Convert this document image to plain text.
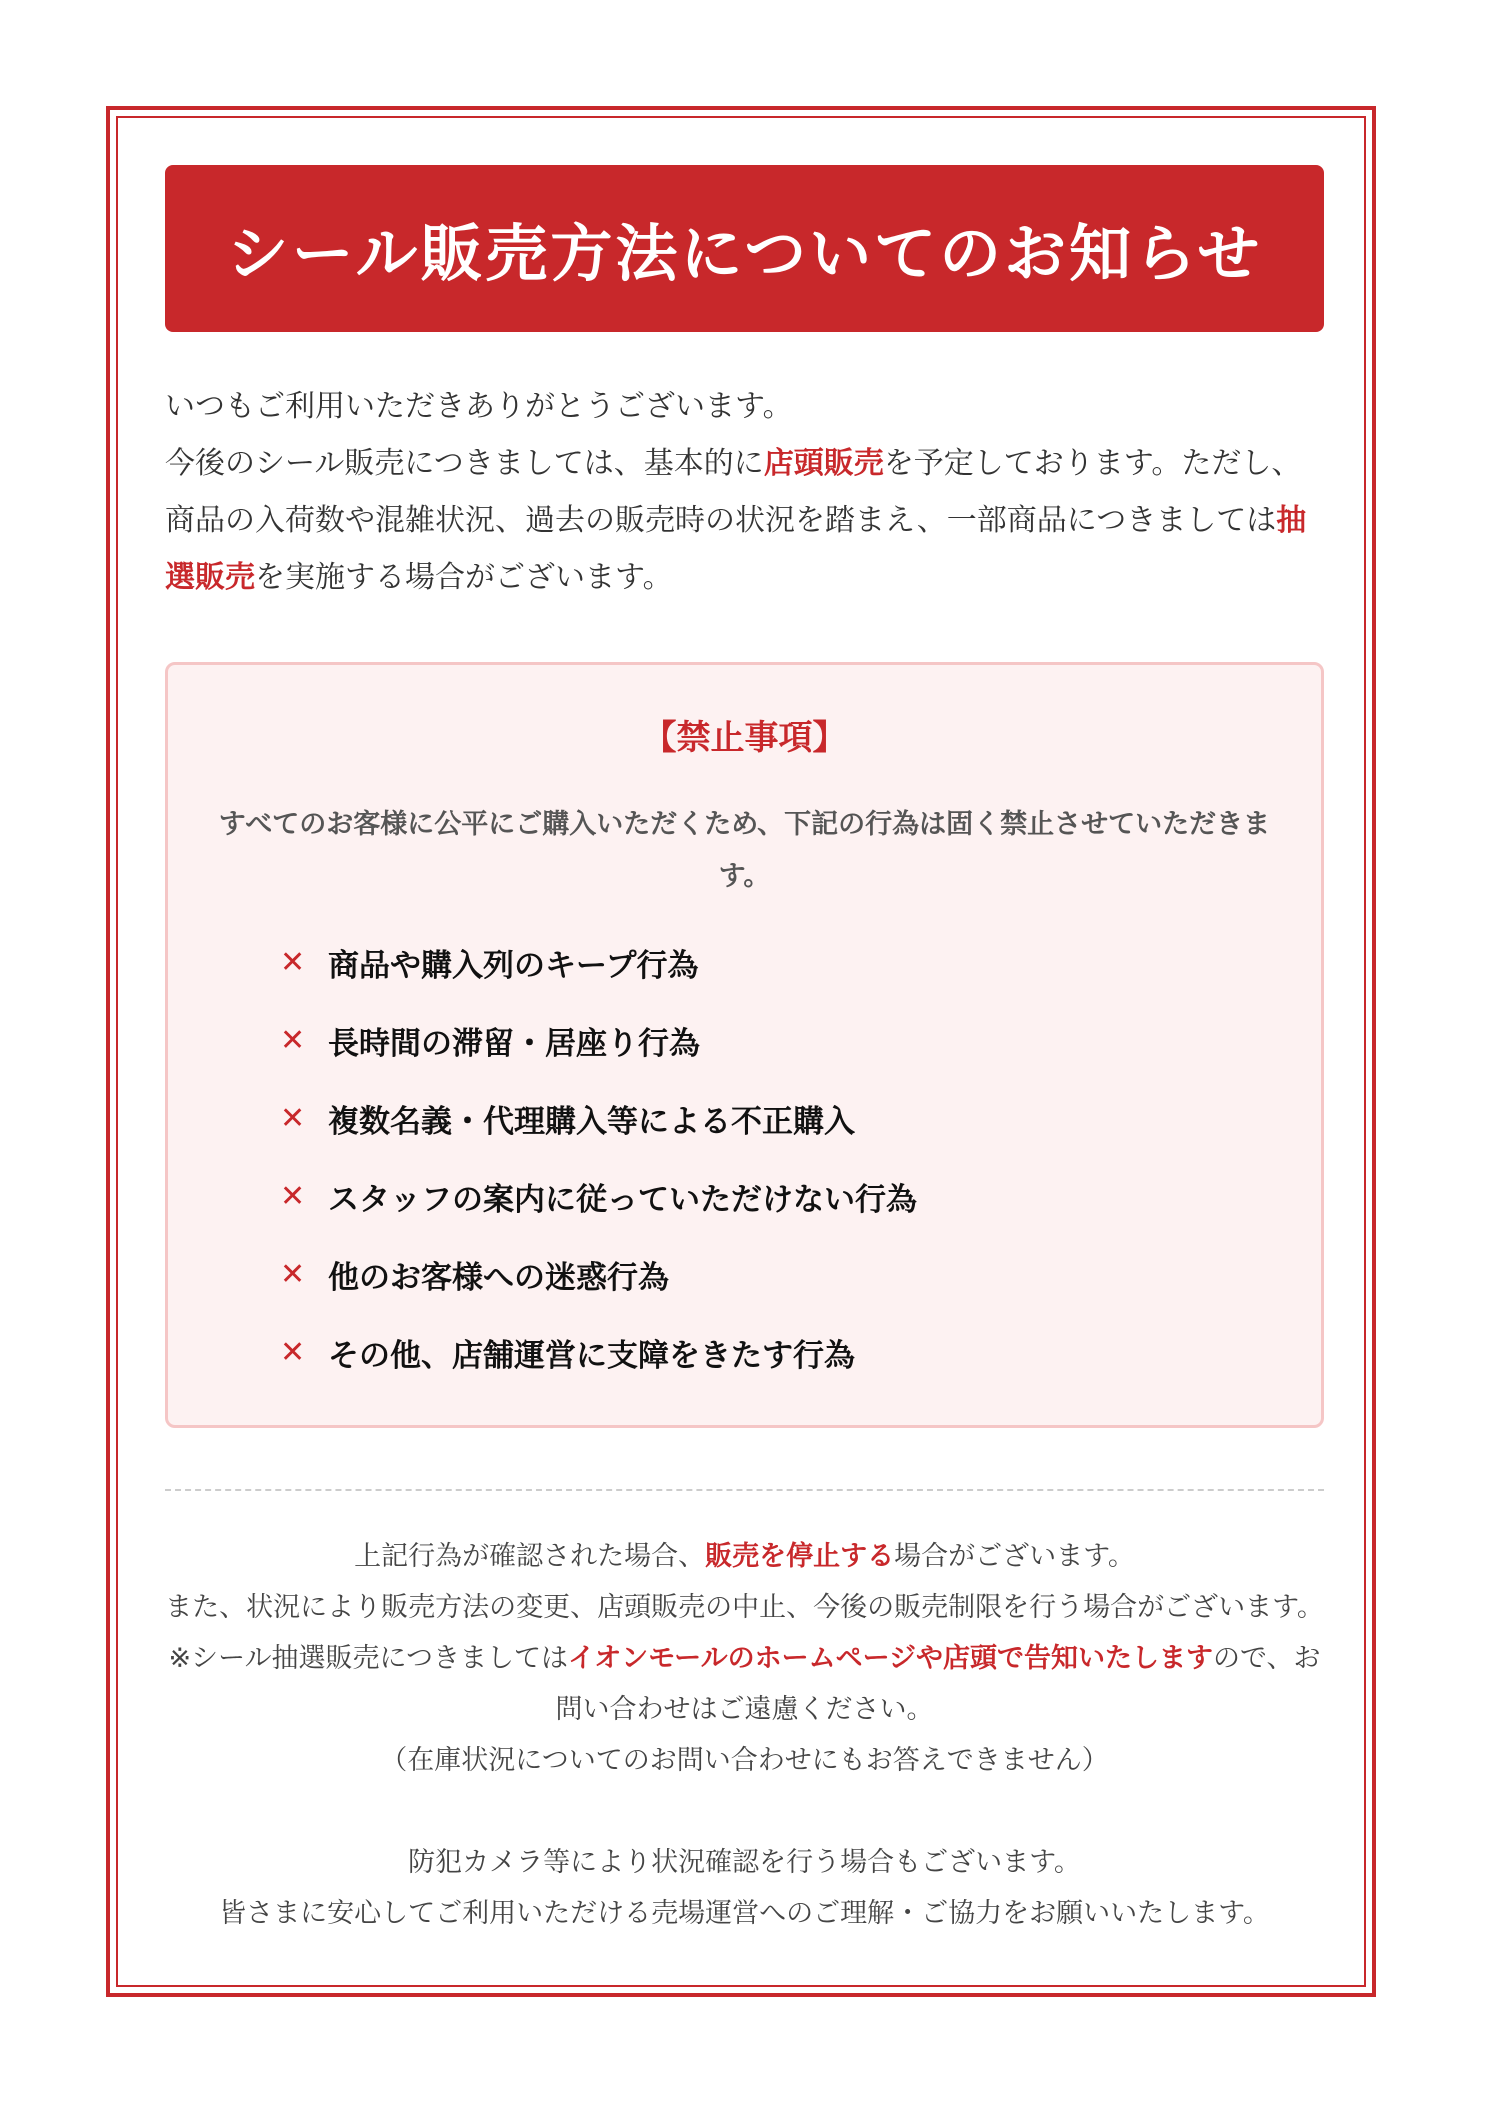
シール販売方法についてのお知らせ
いつもご利用いただきありがとうございます。
今後のシール販売につきましては、基本的に店頭販売を予定しております。ただし、商品の入荷数や混雑状況、過去の販売時の状況を踏まえ、一部商品につきましては抽選販売を実施する場合がございます。
【禁止事項】
すべてのお客様に公平にご購入いただくため、下記の行為は固く禁止させていただきます。
✕ 商品や購入列のキープ行為
✕ 長時間の滞留・居座り行為
✕ 複数名義・代理購入等による不正購入
✕ スタッフの案内に従っていただけない行為
✕ 他のお客様への迷惑行為
✕ その他、店舗運営に支障をきたす行為

上記行為が確認された場合、販売を停止する場合がございます。

また、状況により販売方法の変更、店頭販売の中止、今後の販売制限を行う場合がございます。

※シール抽選販売につきましてはイオンモールのホームページや店頭で告知いたしますので、お問い合わせはご遠慮ください。

（在庫状況についてのお問い合わせにもお答えできません）

防犯カメラ等により状況確認を行う場合もございます。

皆さまに安心してご利用いただける売場運営へのご理解・ご協力をお願いいたします。
